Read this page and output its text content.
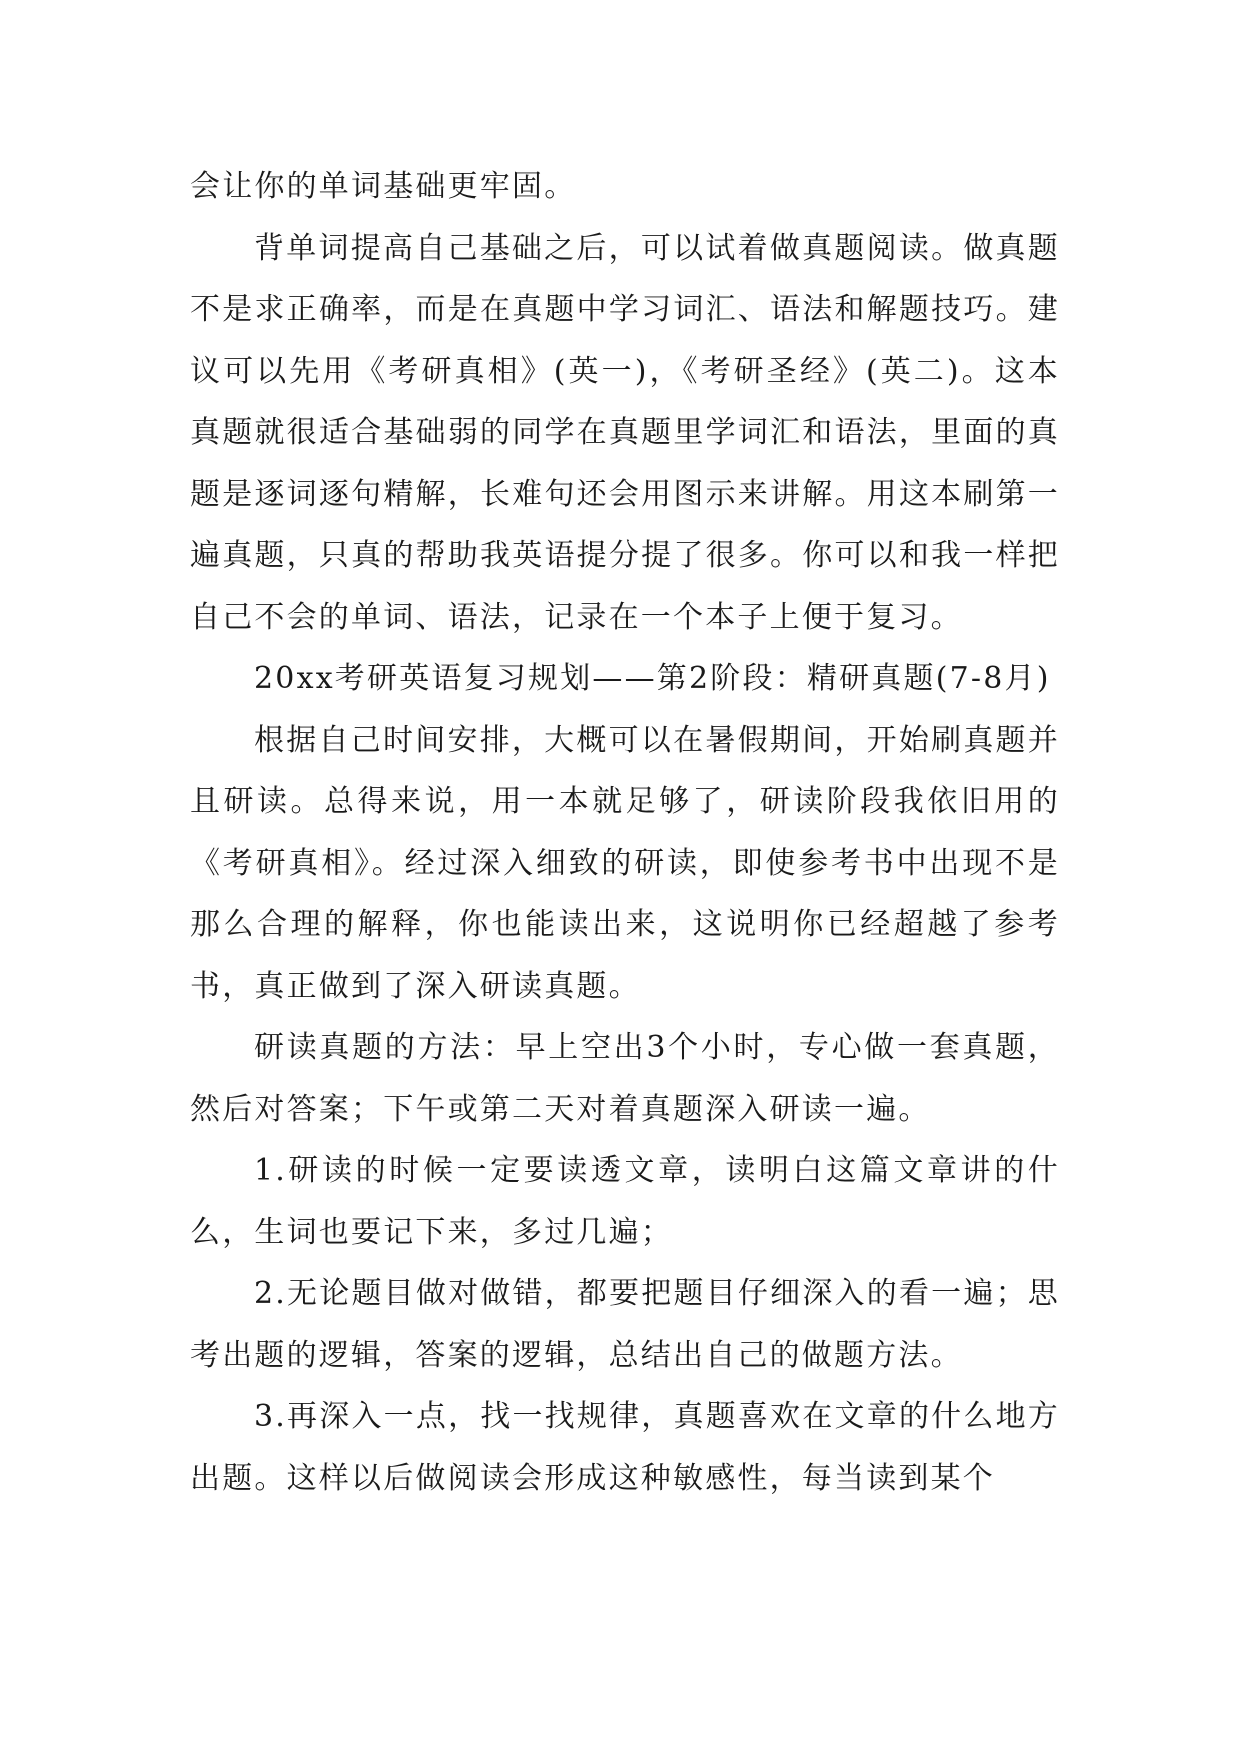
会让你的单词基础更牢固。

背单词提高自己基础之后，可以试着做真题阅读。做真题不是求正确率，而是在真题中学习词汇、语法和解题技巧。建议可以先用《考研真相》(英一)，《考研圣经》(英二)。这本真题就很适合基础弱的同学在真题里学词汇和语法，里面的真题是逐词逐句精解，长难句还会用图示来讲解。用这本刷第一遍真题，只真的帮助我英语提分提了很多。你可以和我一样把自己不会的单词、语法，记录在一个本子上便于复习。

20xx考研英语复习规划——第2阶段：精研真题(7-8月)

根据自己时间安排，大概可以在暑假期间，开始刷真题并且研读。总得来说，用一本就足够了，研读阶段我依旧用的《考研真相》。经过深入细致的研读，即使参考书中出现不是那么合理的解释，你也能读出来，这说明你已经超越了参考书，真正做到了深入研读真题。

研读真题的方法：早上空出3个小时，专心做一套真题，然后对答案；下午或第二天对着真题深入研读一遍。

1.研读的时候一定要读透文章，读明白这篇文章讲的什么，生词也要记下来，多过几遍；

2.无论题目做对做错，都要把题目仔细深入的看一遍；思考出题的逻辑，答案的逻辑，总结出自己的做题方法。

3.再深入一点，找一找规律，真题喜欢在文章的什么地方出题。这样以后做阅读会形成这种敏感性，每当读到某个
